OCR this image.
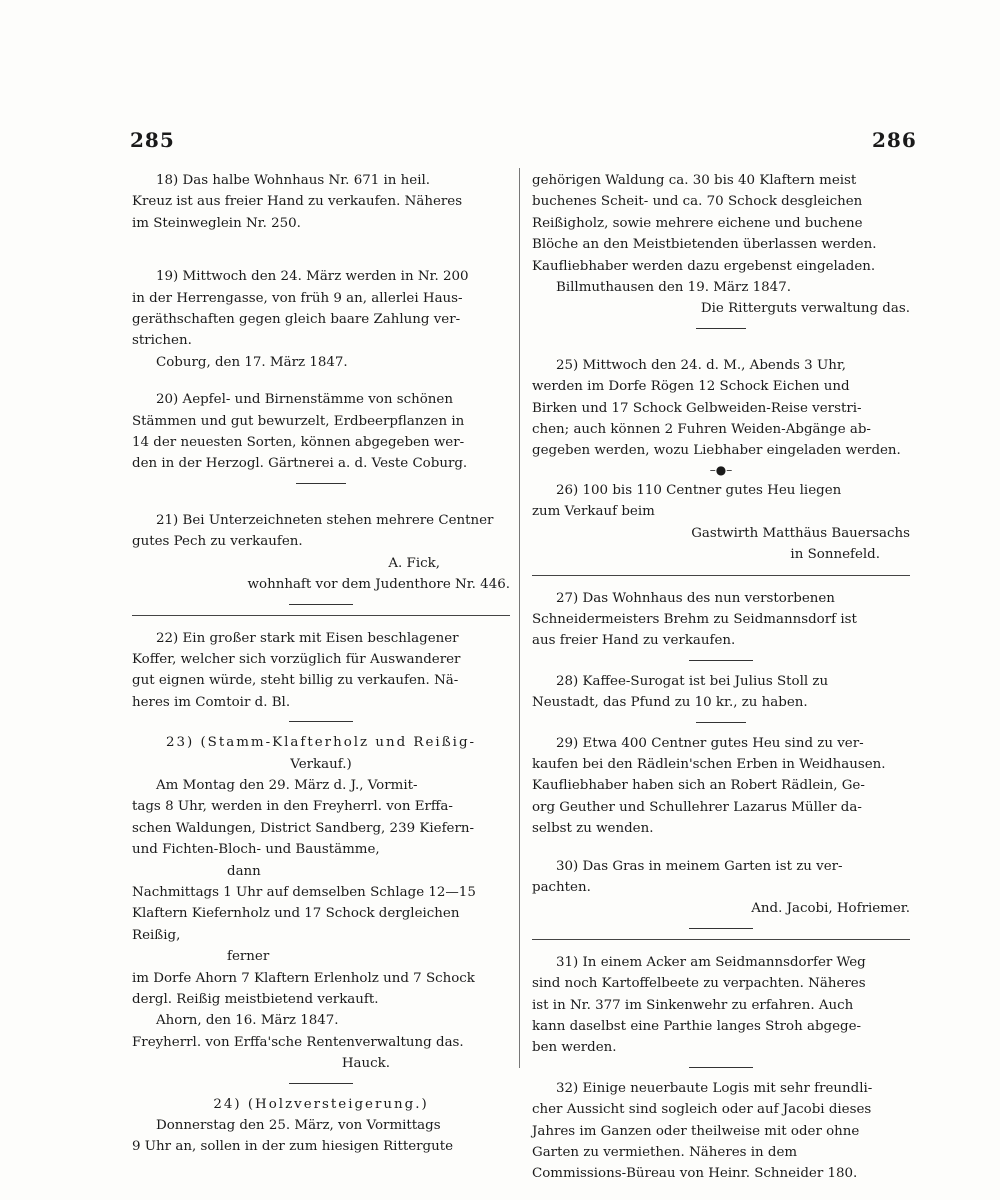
285	286

18) Das halbe Wohnhaus Nr. 671 in heil.

Kreuz ist aus freier Hand zu verkaufen. Näheres

im Steinweglein Nr. 250.

19) Mittwoch den 24. März werden in Nr. 200

in der Herrengasse, von früh 9 an, allerlei Haus-

geräthschaften gegen gleich baare Zahlung ver-

strichen.

Coburg, den 17. März 1847.

20) Aepfel- und Birnenstämme von schönen

Stämmen und gut bewurzelt, Erdbeerpflanzen in

14 der neuesten Sorten, können abgegeben wer-

den in der Herzogl. Gärtnerei a. d. Veste Coburg.

21) Bei Unterzeichneten stehen mehrere Centner

gutes Pech zu verkaufen.

A. Fick,

wohnhaft vor dem Judenthore Nr. 446.

22) Ein großer stark mit Eisen beschlagener

Koffer, welcher sich vorzüglich für Auswanderer

gut eignen würde, steht billig zu verkaufen. Nä-

heres im Comtoir d. Bl.

23) (Stamm-Klafterholz und Reißig-

Verkauf.)

Am Montag den 29. März d. J., Vormit-

tags 8 Uhr, werden in den Freyherrl. von Erffa-

schen Waldungen, District Sandberg, 239 Kiefern-

und Fichten-Bloch- und Baustämme,

dann

Nachmittags 1 Uhr auf demselben Schlage 12—15

Klaftern Kiefernholz und 17 Schock dergleichen

Reißig,

ferner

im Dorfe Ahorn 7 Klaftern Erlenholz und 7 Schock

dergl. Reißig meistbietend verkauft.

Ahorn, den 16. März 1847.

Freyherrl. von Erffa'sche Rentenverwaltung das.

Hauck.

24) (Holzversteigerung.)

Donnerstag den 25. März, von Vormittags

9 Uhr an, sollen in der zum hiesigen Rittergute

gehörigen Waldung ca. 30 bis 40 Klaftern meist

buchenes Scheit- und ca. 70 Schock desgleichen

Reißigholz, sowie mehrere eichene und buchene

Blöche an den Meistbietenden überlassen werden.

Kaufliebhaber werden dazu ergebenst eingeladen.

Billmuthausen den 19. März 1847.

Die Ritterguts verwaltung das.

25) Mittwoch den 24. d. M., Abends 3 Uhr,

werden im Dorfe Rögen 12 Schock Eichen und

Birken und 17 Schock Gelbweiden-Reise verstri-

chen; auch können 2 Fuhren Weiden-Abgänge ab-

gegeben werden, wozu Liebhaber eingeladen werden.

–●–

26) 100 bis 110 Centner gutes Heu liegen

zum Verkauf beim

Gastwirth Matthäus Bauersachs

in Sonnefeld.

27) Das Wohnhaus des nun verstorbenen

Schneidermeisters Brehm zu Seidmannsdorf ist

aus freier Hand zu verkaufen.

28) Kaffee-Surogat ist bei Julius Stoll zu

Neustadt, das Pfund zu 10 kr., zu haben.

29) Etwa 400 Centner gutes Heu sind zu ver-

kaufen bei den Rädlein'schen Erben in Weidhausen.

Kaufliebhaber haben sich an Robert Rädlein, Ge-

org Geuther und Schullehrer Lazarus Müller da-

selbst zu wenden.

30) Das Gras in meinem Garten ist zu ver-

pachten.

And. Jacobi, Hofriemer.

31) In einem Acker am Seidmannsdorfer Weg

sind noch Kartoffelbeete zu verpachten. Näheres

ist in Nr. 377 im Sinkenwehr zu erfahren. Auch

kann daselbst eine Parthie langes Stroh abgege-

ben werden.

32) Einige neuerbaute Logis mit sehr freundli-

cher Aussicht sind sogleich oder auf Jacobi dieses

Jahres im Ganzen oder theilweise mit oder ohne

Garten zu vermiethen. Näheres in dem

Commissions-Büreau von Heinr. Schneider 180.
